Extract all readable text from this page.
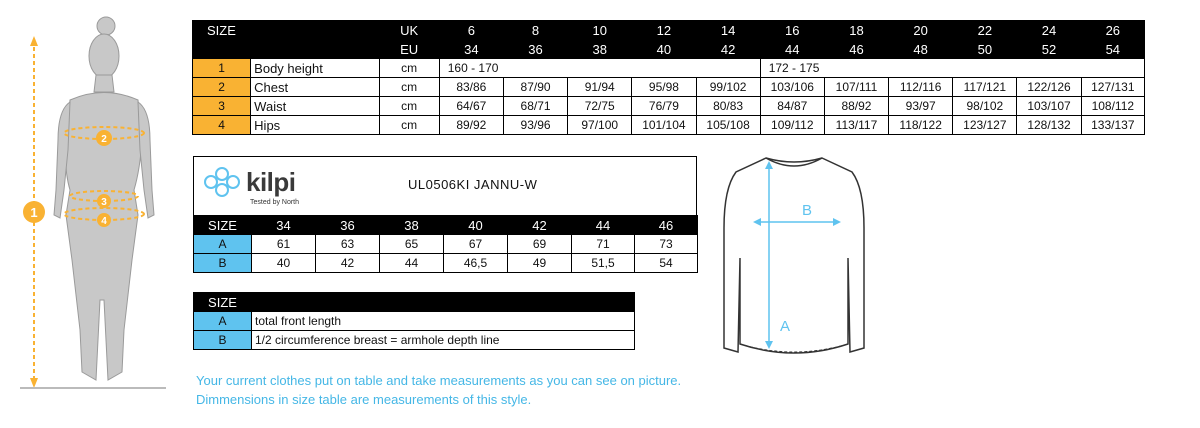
1
2
3
4
SIZE		UK	6	8	10	12	14	16	18	20	22	24	26
		EU	34	36	38	40	42	44	46	48	50	52	54
1	Body height	cm	160 - 170					172 - 175					
2	Chest	cm	83/86	87/90	91/94	95/98	99/102	103/106	107/111	112/116	117/121	122/126	127/131
3	Waist	cm	64/67	68/71	72/75	76/79	80/83	84/87	88/92	93/97	98/102	103/107	108/112
4	Hips	cm	89/92	93/96	97/100	101/104	105/108	109/112	113/117	118/122	123/127	128/132	133/137
kilpi
Tested by North
UL0506KI JANNU-W
SIZE	34	36	38	40	42	44	46
A	61	63	65	67	69	71	73
B	40	42	44	46,5	49	51,5	54
SIZE	
A	total front length
B	1/2 circumference breast = armhole depth line
B
A
Your current clothes put on table and take measurements as you can see on picture.
Dimmensions in size table are measurements of this style.
